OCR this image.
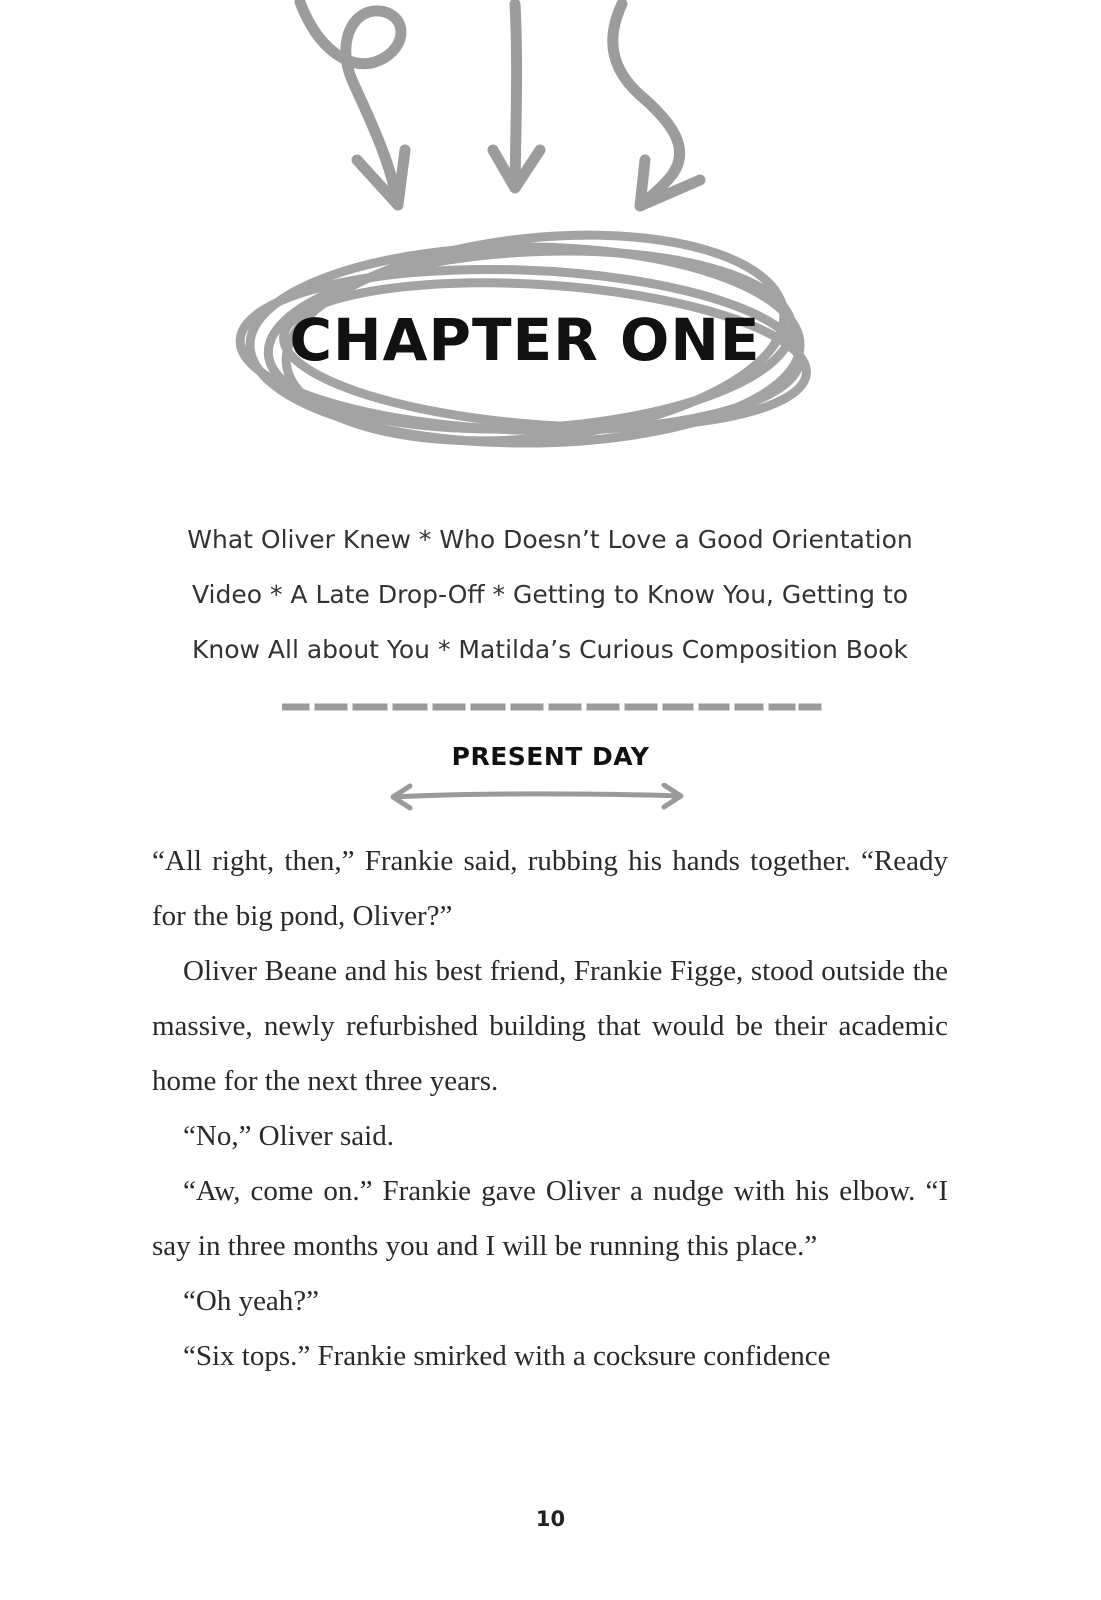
CHAPTER ONE
What Oliver Knew * Who Doesn’t Love a Good Orientation
Video * A Late Drop-Off * Getting to Know You, Getting to
Know All about You * Matilda’s Curious Composition Book
PRESENT DAY

“All right, then,” Frankie said, rubbing his hands together. “Ready for the big pond, Oliver?”

Oliver Beane and his best friend, Frankie Figge, stood outside the massive, newly refurbished building that would be their academic home for the next three years.

“No,” Oliver said.

“Aw, come on.” Frankie gave Oliver a nudge with his elbow. “I say in three months you and I will be running this place.”

“Oh yeah?”

“Six tops.” Frankie smirked with a cocksure confidence

10
